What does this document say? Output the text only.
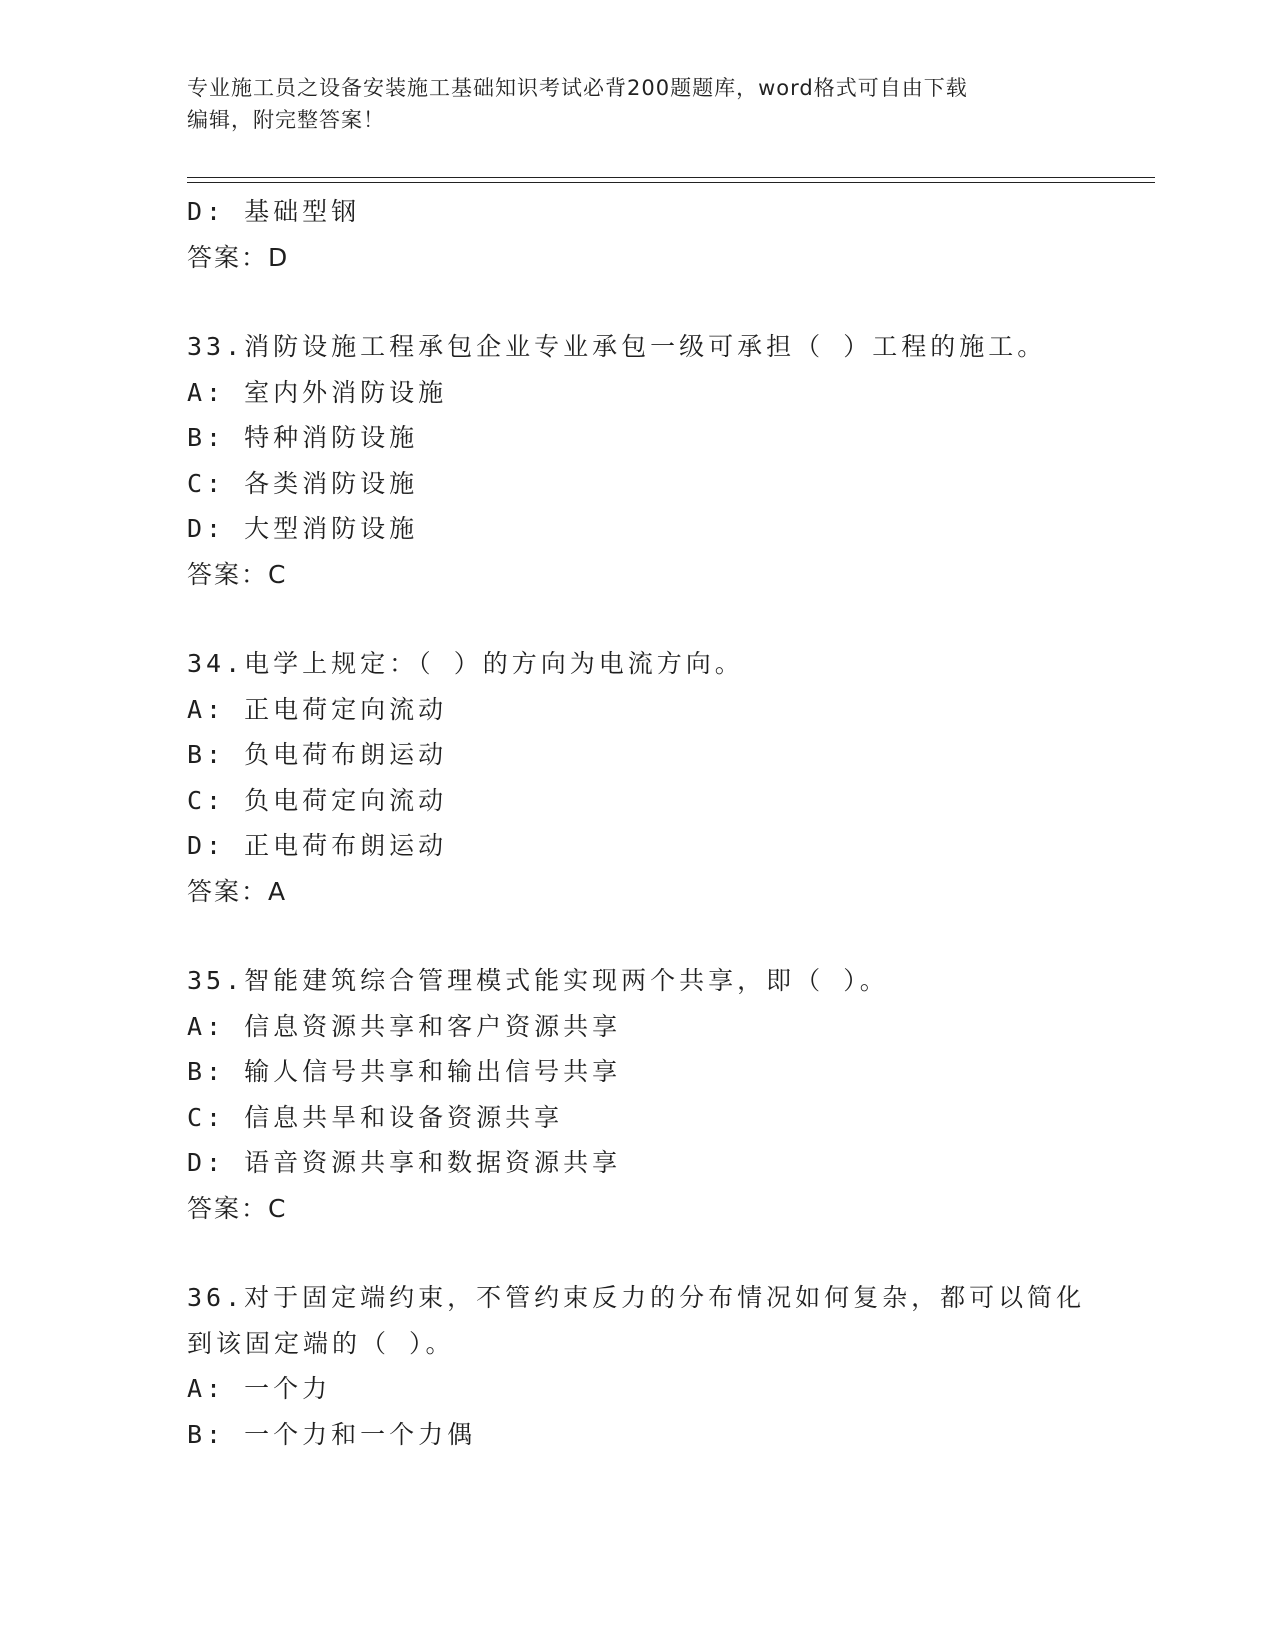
专业施工员之设备安装施工基础知识考试必背200题题库，word格式可自由下载
编辑，附完整答案！
D: 基础型钢
答案：D
33.消防设施工程承包企业专业承包一级可承担（ ）工程的施工。
A: 室内外消防设施
B: 特种消防设施
C: 各类消防设施
D: 大型消防设施
答案：C
34.电学上规定：（ ）的方向为电流方向。
A: 正电荷定向流动
B: 负电荷布朗运动
C: 负电荷定向流动
D: 正电荷布朗运动
答案：A
35.智能建筑综合管理模式能实现两个共享，即（ ）。
A: 信息资源共享和客户资源共享
B: 输人信号共享和输出信号共享
C: 信息共旱和设备资源共享
D: 语音资源共享和数据资源共享
答案：C
36.对于固定端约束，不管约束反力的分布情况如何复杂，都可以简化
到该固定端的（ ）。
A: 一个力
B: 一个力和一个力偶
